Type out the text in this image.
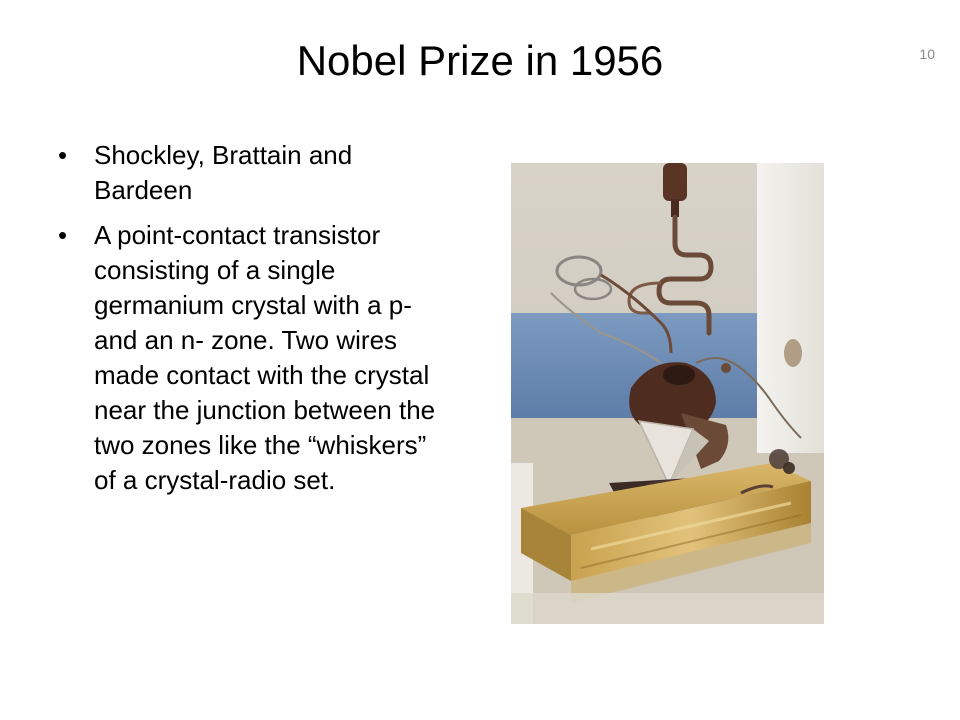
Nobel Prize in 1956	10
• Shockley, Brattain and Bardeen
• A point-contact transistor consisting of a single germanium crystal with a p- and an n- zone. Two wires made contact with the crystal near the junction between the two zones like the “whiskers” of a crystal-radio set.
